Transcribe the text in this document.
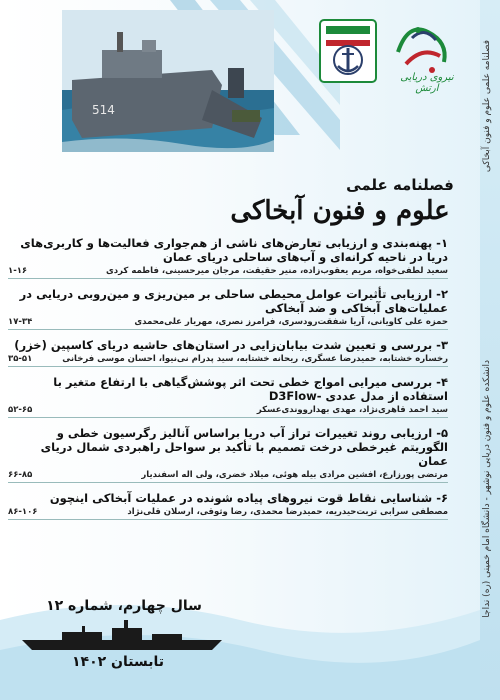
514
نیروی دریایی ارتش
فصلنامه علمی
علوم و فنون آبخاکی
۱- پهنه‌بندی و ارزیابی تعارض‌های ناشی از هم‌جواری فعالیت‌ها و کاربری‌های دریا در ناحیه کرانه‌ای و آب‌های ساحلی دریای عمان
سعید لطفی‌خواه، مریم یعقوب‌زاده، منیر حقیقت، مرجان میرحسینی، فاطمه کردی
۱-۱۶
۲- ارزیابی تأثیرات عوامل محیطی ساحلی بر مین‌ریزی و مین‌روبی دریایی در عملیات‌های آبخاکی و ضد آبخاکی
حمزه علی کاویانی، آریا شفقت‌رودسری، فرامرز نصری، مهریار علی‌محمدی
۱۷-۳۴
۳- بررسی و تعیین شدت بیابان‌زایی در استان‌های حاشیه دریای کاسپین (خزر)
رخساره خشتابه، حمیدرضا عسگری، ریحانه خشتابه، سید پدرام نی‌نیوا، احسان موسی فرخانی
۳۵-۵۱
۴- بررسی میرایی امواج خطی تحت اثر پوشش‌گیاهی با ارتفاع متغیر با استفاده از مدل عددی -D3Flow
سید احمد قاهری‌نژاد، مهدی بهدارووندی‌عسکر
۵۲-۶۵
۵- ارزیابی روند تغییرات تراز آب دریا براساس آنالیز رگرسیون خطی و الگوریتم غیرخطی درخت تصمیم با تأکید بر سواحل راهبردی شمال دریای عمان
مرتضی پورزارع، افشین مرادی بیله هوئی، میلاد خضری، ولی اله اسفندیار
۶۶-۸۵
۶- شناسایی نقاط قوت نیروهای پیاده شونده در عملیات آبخاکی اینچون
مصطفی سرابی تربت‌حیدریه، حمیدرضا محمدی، رضا وثوقی، ارسلان قلی‌نژاد
۸۶-۱۰۶
سال چهارم، شماره ۱۲
تابستان ۱۴۰۲
فصلنامه علمی علوم و فنون آبخاکی
دانشکده علوم و فنون دریایی نوشهر - دانشگاه امام خمینی (ره) نداجا
